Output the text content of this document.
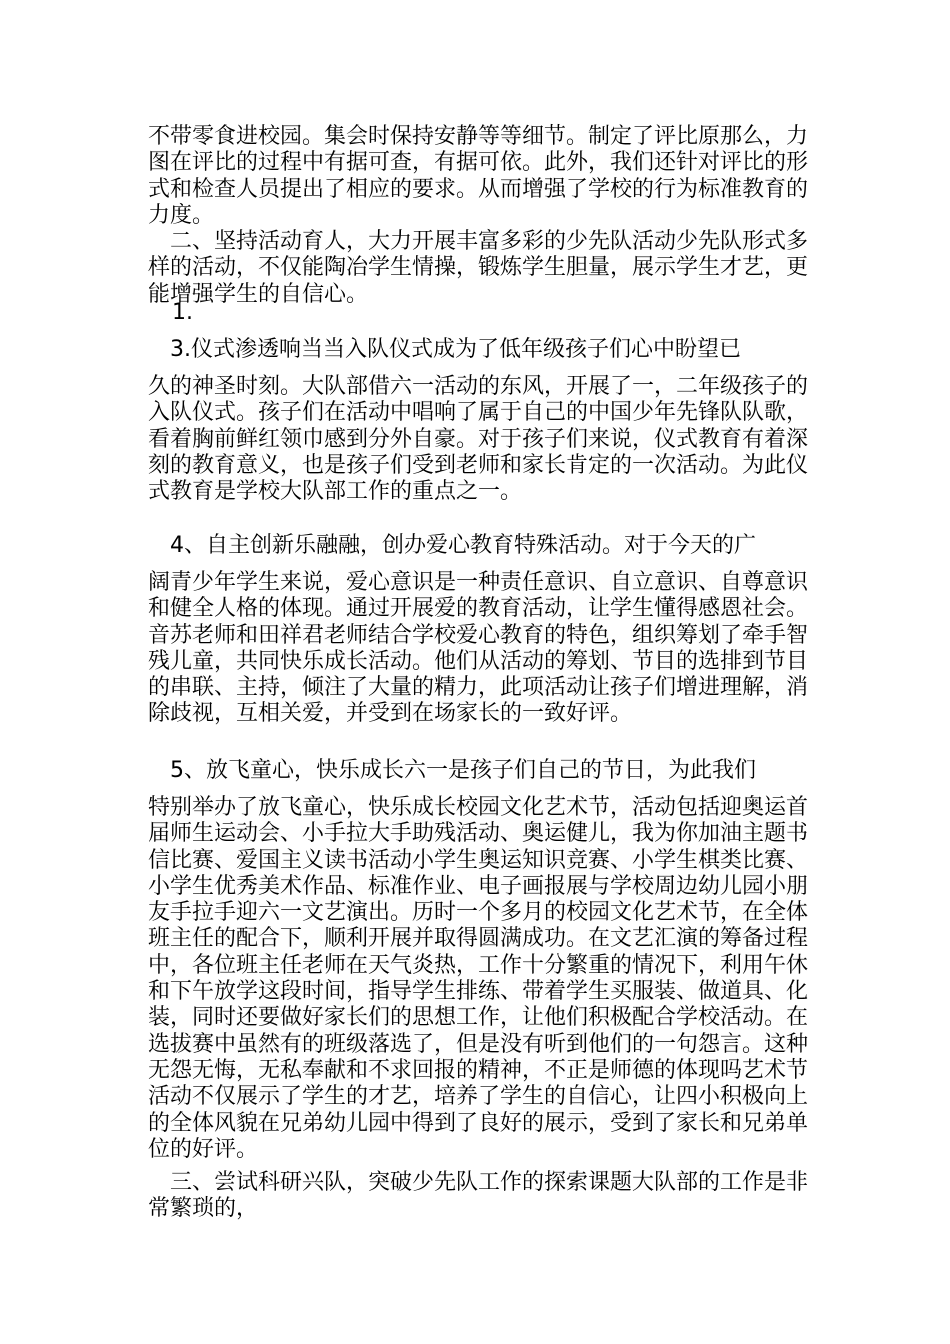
不带零食进校园。集会时保持安静等等细节。制定了评比原那么，力图在评比的过程中有据可查，有据可依。此外，我们还针对评比的形式和检查人员提出了相应的要求。从而增强了学校的行为标准教育的力度。
二、坚持活动育人，大力开展丰富多彩的少先队活动少先队形式多样的活动，不仅能陶冶学生情操，锻炼学生胆量，展示学生才艺，更能增强学生的自信心。
1.
3.仪式渗透响当当入队仪式成为了低年级孩子们心中盼望已
久的神圣时刻。大队部借六一活动的东风，开展了一，二年级孩子的入队仪式。孩子们在活动中唱响了属于自己的中国少年先锋队队歌，看着胸前鲜红领巾感到分外自豪。对于孩子们来说，仪式教育有着深刻的教育意义，也是孩子们受到老师和家长肯定的一次活动。为此仪式教育是学校大队部工作的重点之一。
4、自主创新乐融融，创办爱心教育特殊活动。对于今天的广
阔青少年学生来说，爱心意识是一种责任意识、自立意识、自尊意识和健全人格的体现。通过开展爱的教育活动，让学生懂得感恩社会。音苏老师和田祥君老师结合学校爱心教育的特色，组织筹划了牵手智残儿童，共同快乐成长活动。他们从活动的筹划、节目的选排到节目的串联、主持，倾注了大量的精力，此项活动让孩子们增进理解，消除歧视，互相关爱，并受到在场家长的一致好评。
5、放飞童心，快乐成长六一是孩子们自己的节日，为此我们
特别举办了放飞童心，快乐成长校园文化艺术节，活动包括迎奥运首届师生运动会、小手拉大手助残活动、奥运健儿，我为你加油主题书信比赛、爱国主义读书活动小学生奥运知识竞赛、小学生棋类比赛、小学生优秀美术作品、标准作业、电子画报展与学校周边幼儿园小朋友手拉手迎六一文艺演出。历时一个多月的校园文化艺术节，在全体班主任的配合下，顺利开展并取得圆满成功。在文艺汇演的筹备过程中，各位班主任老师在天气炎热，工作十分繁重的情况下，利用午休和下午放学这段时间，指导学生排练、带着学生买服装、做道具、化装，同时还要做好家长们的思想工作，让他们积极配合学校活动。在选拔赛中虽然有的班级落选了，但是没有听到他们的一句怨言。这种无怨无悔，无私奉献和不求回报的精神，不正是师德的体现吗艺术节活动不仅展示了学生的才艺，培养了学生的自信心，让四小积极向上的全体风貌在兄弟幼儿园中得到了良好的展示，受到了家长和兄弟单位的好评。
三、尝试科研兴队，突破少先队工作的探索课题大队部的工作是非常繁琐的，
